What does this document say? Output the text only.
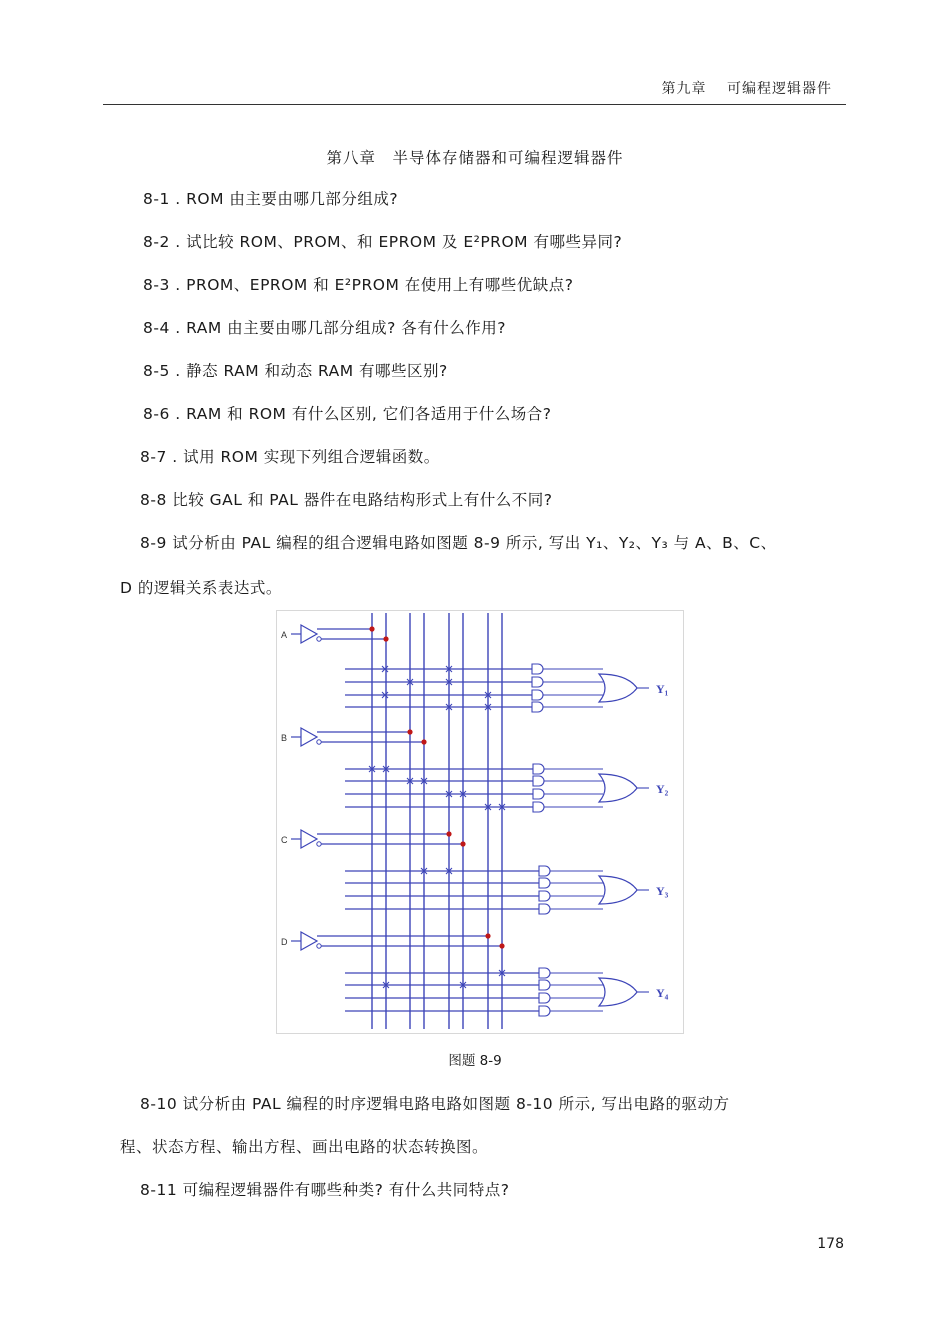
第九章　 可编程逻辑器件
第八章　半导体存储器和可编程逻辑器件
8-1 . ROM 由主要由哪几部分组成?
8-2 . 试比较 ROM、PROM、和 EPROM 及 E²PROM 有哪些异同?
8-3 . PROM、EPROM 和 E²PROM 在使用上有哪些优缺点?
8-4 . RAM 由主要由哪几部分组成? 各有什么作用?
8-5 . 静态 RAM 和动态 RAM 有哪些区别?
8-6 . RAM 和 ROM 有什么区别, 它们各适用于什么场合?
8-7 . 试用 ROM 实现下列组合逻辑函数。
8-8 比较 GAL 和 PAL 器件在电路结构形式上有什么不同?
8-9 试分析由 PAL 编程的组合逻辑电路如图题 8-9 所示, 写出 Y₁、Y₂、Y₃ 与 A、B、C、
D 的逻辑关系表达式。
A
Y₁
B
Y₂
C
Y₃
D
Y₄
图题 8-9
8-10 试分析由 PAL 编程的时序逻辑电路电路如图题 8-10 所示, 写出电路的驱动方
程、状态方程、输出方程、画出电路的状态转换图。
8-11 可编程逻辑器件有哪些种类? 有什么共同特点?
178
